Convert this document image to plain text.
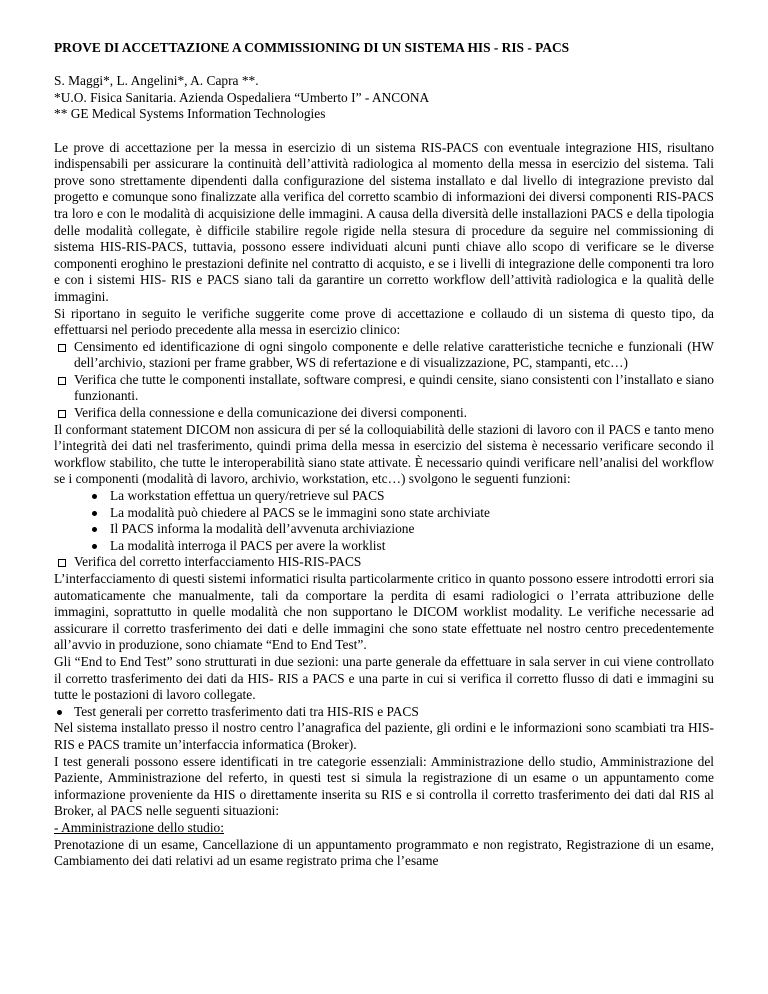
PROVE DI ACCETTAZIONE A COMMISSIONING DI UN SISTEMA HIS - RIS - PACS

S. Maggi*, L. Angelini*, A. Capra **.

*U.O. Fisica Sanitaria. Azienda Ospedaliera “Umberto I” - ANCONA

** GE Medical Systems Information Technologies

Le prove di accettazione per la messa in esercizio di un sistema RIS-PACS con eventuale integrazione HIS, risultano indispensabili per assicurare la continuità dell’attività radiologica al momento della messa in esercizio del sistema. Tali prove sono strettamente dipendenti dalla configurazione del sistema installato e dal livello di integrazione previsto dal progetto e comunque sono finalizzate alla verifica del corretto scambio di informazioni dei diversi componenti RIS-PACS tra loro e con le modalità di acquisizione delle immagini. A causa della diversità delle installazioni PACS e della tipologia delle modalità collegate, è difficile stabilire regole rigide nella stesura di procedure da seguire nel commissioning di sistema HIS-RIS-PACS, tuttavia, possono essere individuati alcuni punti chiave allo scopo di verificare se le diverse componenti eroghino le prestazioni definite nel contratto di acquisto, e se i livelli di integrazione delle componenti tra loro e con i sistemi HIS- RIS e PACS siano tali da garantire un corretto workflow dell’attività radiologica e la qualità delle immagini.

Si riportano in seguito le verifiche suggerite come prove di accettazione e collaudo di un sistema di questo tipo, da effettuarsi nel periodo precedente alla messa in esercizio clinico:

Censimento ed identificazione di ogni singolo componente e delle relative caratteristiche tecniche e funzionali (HW dell’archivio, stazioni per frame grabber, WS di refertazione e di visualizzazione, PC, stampanti, etc…)
Verifica che tutte le componenti installate, software compresi, e quindi censite, siano consistenti con l’installato e siano funzionanti.
Verifica della connessione e della comunicazione dei diversi componenti.

Il conformant statement DICOM non assicura di per sé la colloquiabilità delle stazioni di lavoro con il PACS e tanto meno l’integrità dei dati nel trasferimento, quindi prima della messa in esercizio del sistema è necessario verificare secondo il workflow stabilito, che tutte le interoperabilità siano state attivate. È necessario quindi verificare nell’analisi del workflow se i componenti (modalità di lavoro, archivio, workstation, etc…) svolgono le seguenti funzioni:

La workstation effettua un query/retrieve sul PACS
La modalità può chiedere al PACS se le immagini sono state archiviate
Il PACS informa la modalità dell’avvenuta archiviazione
La modalità interroga il PACS per avere la worklist
Verifica del corretto interfacciamento HIS-RIS-PACS

L’interfacciamento di questi sistemi informatici risulta particolarmente critico in quanto possono essere introdotti errori sia automaticamente che manualmente, tali da comportare la perdita di esami radiologici o l’errata attribuzione delle immagini, soprattutto in quelle modalità che non supportano le DICOM worklist modality. Le verifiche necessarie ad assicurare il corretto trasferimento dei dati e delle immagini che sono state effettuate nel nostro centro precedentemente all’avvio in produzione, sono chiamate “End to End Test”.

Gli “End to End Test” sono strutturati in due sezioni: una parte generale da effettuare in sala server in cui viene controllato il corretto trasferimento dei dati da HIS- RIS a PACS e una parte in cui si verifica il corretto flusso di dati e immagini su tutte le postazioni di lavoro collegate.

Test generali per corretto trasferimento dati tra HIS-RIS e PACS

Nel sistema installato presso il nostro centro l’anagrafica del paziente, gli ordini e le informazioni sono scambiati tra HIS-RIS e PACS tramite un’interfaccia informatica (Broker).

I test generali possono essere identificati in tre categorie essenziali: Amministrazione dello studio, Amministrazione del Paziente, Amministrazione del referto, in questi test si simula la registrazione di un esame o un appuntamento come informazione proveniente da HIS o direttamente inserita su RIS e si controlla il corretto trasferimento dei dati dal RIS al Broker, al PACS nelle seguenti situazioni:

- Amministrazione dello studio:

Prenotazione di un esame, Cancellazione di un appuntamento programmato e non registrato, Registrazione di un esame, Cambiamento dei dati relativi ad un esame registrato prima che l’esame
